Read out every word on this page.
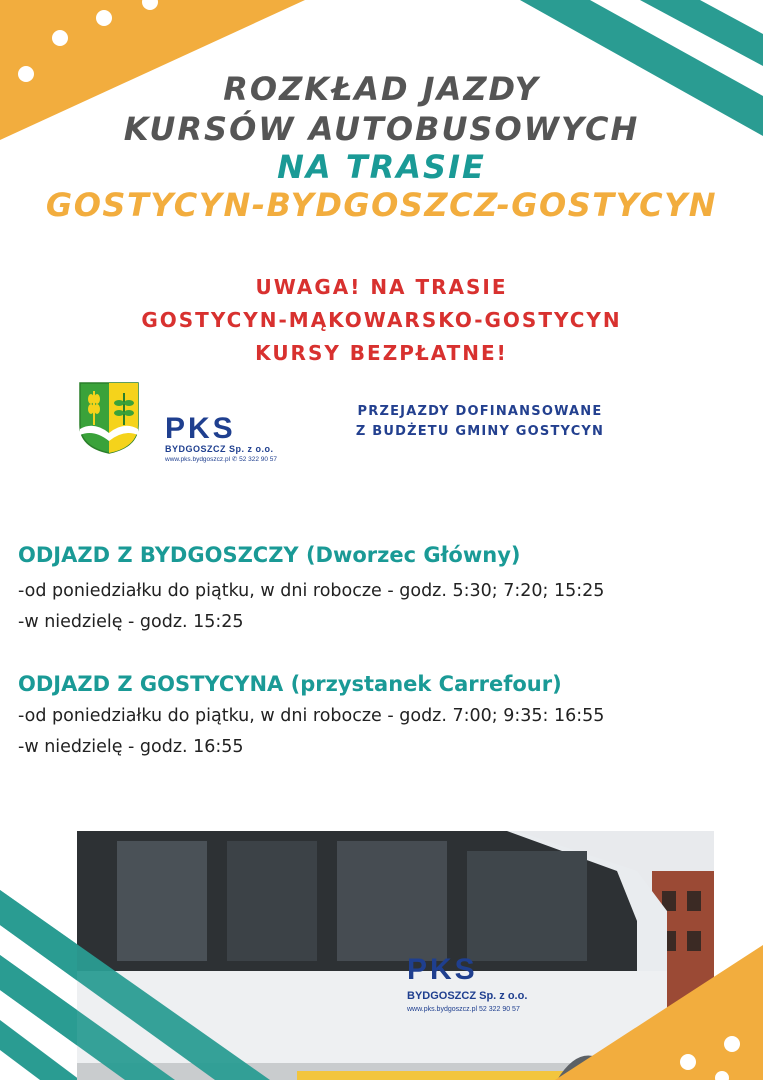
ROZKŁAD JAZDY
KURSÓW AUTOBUSOWYCH
NA TRASIE
GOSTYCYN-BYDGOSZCZ-GOSTYCYN
UWAGA! NA TRASIE
GOSTYCYN-MĄKOWARSKO-GOSTYCYN
KURSY BEZPŁATNE!
PKS
BYDGOSZCZ Sp. z o.o.
www.pks.bydgoszcz.pl ✆ 52 322 90 57
PRZEJAZDY DOFINANSOWANE
Z BUDŻETU GMINY GOSTYCYN
ODJAZD Z BYDGOSZCZY (Dworzec Główny)
-od poniedziałku do piątku, w dni robocze - godz. 5:30; 7:20; 15:25
-w niedzielę - godz. 15:25
ODJAZD Z GOSTYCYNA (przystanek Carrefour)
-od poniedziałku do piątku, w dni robocze - godz. 7:00; 9:35: 16:55
-w niedzielę - godz. 16:55
PKS
BYDGOSZCZ Sp. z o.o.
www.pks.bydgoszcz.pl 52 322 90 57
